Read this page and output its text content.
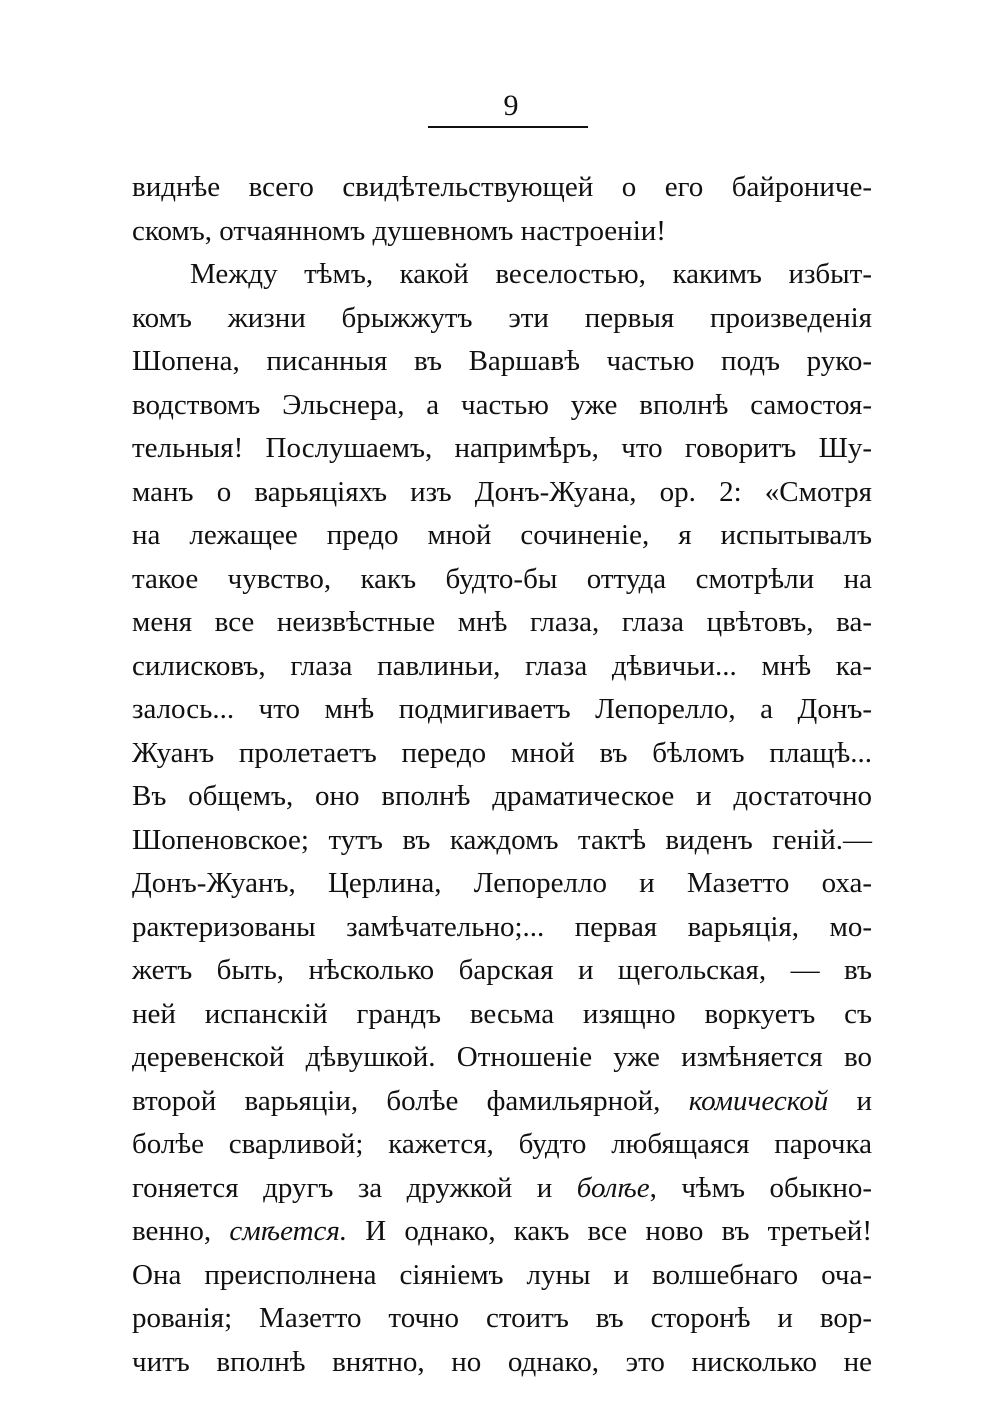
9
виднѣе всего свидѣтельствующей о его байрониче-
скомъ, отчаянномъ душевномъ настроенiи!
Между тѣмъ, какой веселостью, какимъ избыт-
комъ жизни брыжжутъ эти первыя произведенiя
Шопена, писанныя въ Варшавѣ частью подъ руко-
водствомъ Эльснера, а частью уже вполнѣ самостоя-
тельныя! Послушаемъ, напримѣръ, что говоритъ Шу-
манъ о варьяцiяхъ изъ Донъ-Жуана, op. 2: «Смотря
на лежащее предо мной сочиненiе, я испытывалъ
такое чувство, какъ будто-бы оттуда смотрѣли на
меня все неизвѣстные мнѣ глаза, глаза цвѣтовъ, ва-
силисковъ, глаза павлиньи, глаза дѣвичьи... мнѣ ка-
залось... что мнѣ подмигиваетъ Лепорелло, а Донъ-
Жуанъ пролетаетъ передо мной въ бѣломъ плащѣ...
Въ общемъ, оно вполнѣ драматическое и достаточно
Шопеновское; тутъ въ каждомъ тактѣ виденъ генiй.—
Донъ-Жуанъ, Церлина, Лепорелло и Мазетто оха-
рактеризованы замѣчательно;... первая варьяцiя, мо-
жетъ быть, нѣсколько барская и щегольская, — въ
ней испанскiй грандъ весьма изящно воркуетъ съ
деревенской дѣвушкой. Отношенiе уже измѣняется во
второй варьяцiи, болѣе фамильярной, комической и
болѣе сварливой; кажется, будто любящаяся парочка
гоняется другъ за дружкой и болѣе, чѣмъ обыкно-
венно, смѣется. И однако, какъ все ново въ третьей!
Она преисполнена сiянiемъ луны и волшебнаго оча-
рованiя; Мазетто точно стоитъ въ сторонѣ и вор-
читъ вполнѣ внятно, но однако, это нисколько не
